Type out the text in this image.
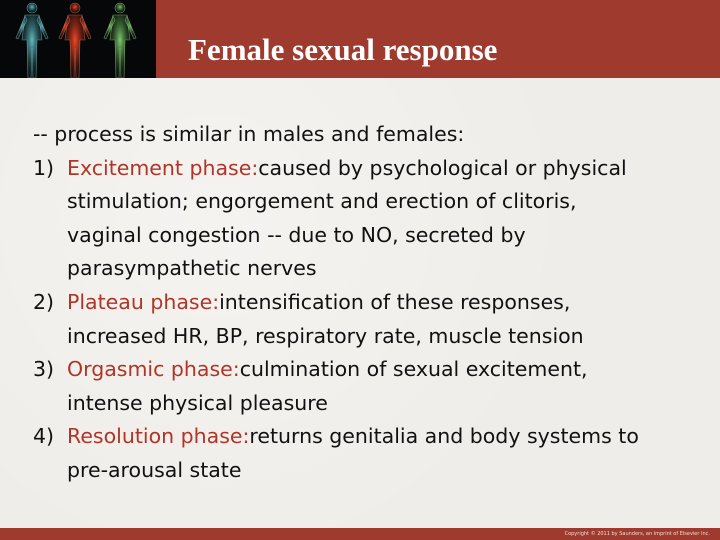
Female sexual response
-- process is similar in males and females:
1) Excitement phase:caused by psychological or physical
stimulation; engorgement and erection of clitoris,
vaginal congestion -- due to NO, secreted by
parasympathetic nerves
2) Plateau phase:intensification of these responses,
increased HR, BP, respiratory rate, muscle tension
3) Orgasmic phase:culmination of sexual excitement,
intense physical pleasure
4) Resolution phase:returns genitalia and body systems to
pre-arousal state
Copyright © 2011 by Saunders, an imprint of Elsevier Inc.
